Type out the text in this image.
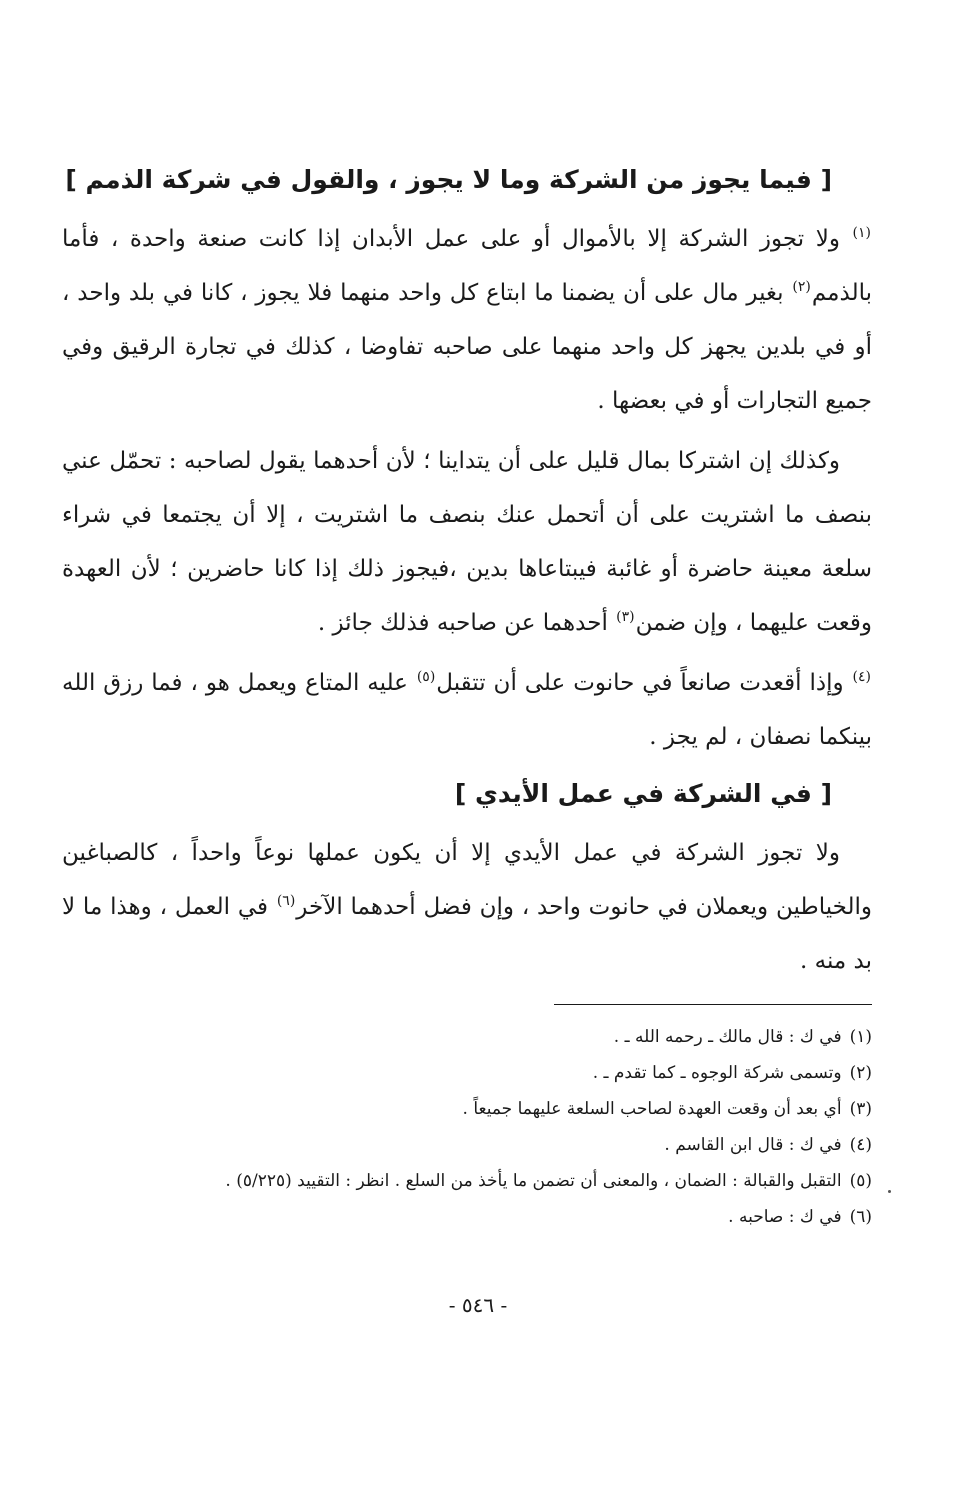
[ فيما يجوز من الشركة وما لا يجوز ، والقول في شركة الذمم ]

$^{(١)}$ ولا تجوز الشركة إلا بالأموال أو على عمل الأبدان إذا كانت صنعة واحدة ، فأما بالذمم$^{(٢)}$ بغير مال على أن يضمنا ما ابتاع كل واحد منهما فلا يجوز ، كانا في بلد واحد ، أو في بلدين يجهز كل واحد منهما على صاحبه تفاوضا ، كذلك في تجارة الرقيق وفي جميع التجارات أو في بعضها .

وكذلك إن اشتركا بمال قليل على أن يتداينا ؛ لأن أحدهما يقول لصاحبه : تحمّل عني بنصف ما اشتريت على أن أتحمل عنك بنصف ما اشتريت ، إلا أن يجتمعا في شراء سلعة معينة حاضرة أو غائبة فيبتاعاها بدين ،فيجوز ذلك إذا كانا حاضرين ؛ لأن العهدة وقعت عليهما ، وإن ضمن$^{(٣)}$ أحدهما عن صاحبه فذلك جائز .

$^{(٤)}$ وإذا أقعدت صانعاً في حانوت على أن تتقبل$^{(٥)}$ عليه المتاع ويعمل هو ، فما رزق الله بينكما نصفان ، لم يجز .

[ في الشركة في عمل الأيدي ]

ولا تجوز الشركة في عمل الأيدي إلا أن يكون عملها نوعاً واحداً ، كالصباغين والخياطين ويعملان في حانوت واحد ، وإن فضل أحدهما الآخر$^{(٦)}$ في العمل ، وهذا ما لا بد منه .

(١)في ك : قال مالك ـ رحمه الله ـ .
(٢)وتسمى شركة الوجوه ـ كما تقدم ـ .
(٣)أي بعد أن وقعت العهدة لصاحب السلعة عليهما جميعاً .
(٤)في ك : قال ابن القاسم .
(٥)التقبل والقبالة : الضمان ، والمعنى أن تضمن ما يأخذ من السلع . انظر : التقييد (٥/٢٢٥) .
(٦)في ك : صاحبه .
- ٥٤٦ -
